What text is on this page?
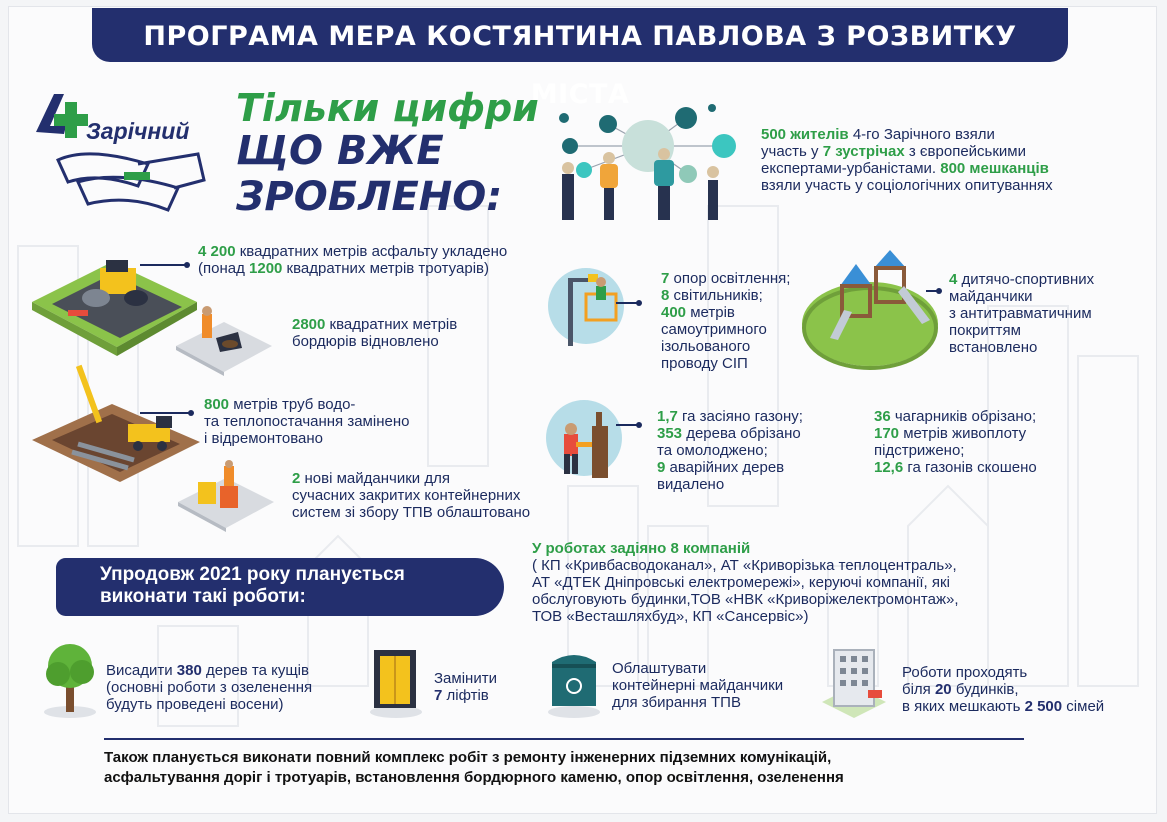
ПРОГРАМА МЕРА КОСТЯНТИНА ПАВЛОВА З РОЗВИТКУ МІСТА
Зарічний
Тільки цифри
ЩО ВЖЕ
ЗРОБЛЕНО:
500 жителів 4-го Зарічного взяли
участь у 7 зустрічах з європейськими
експертами-урбаністами. 800 мешканців
взяли участь у соціологічних опитуваннях
4 200 квадратних метрів асфальту укладено
(понад 1200 квадратних метрів тротуарів)
2800 квадратних метрів
бордюрів відновлено
800 метрів труб водо-
та теплопостачання замінено
і відремонтовано
2 нові майданчики для
сучасних закритих контейнерних
систем зі збору ТПВ облаштовано
7 опор освітлення;
8 світильників;
400 метрів
самоутримного
ізольованого
проводу СІП
4 дитячо-спортивних
майданчики
з антитравматичним
покриттям
встановлено
1,7 га засіяно газону;
353 дерева обрізано
та омолоджено;
9 аварійних дерев
видалено
36 чагарників обрізано;
170 метрів живоплоту
підстрижено;
12,6 га газонів скошено
У роботах задіяно 8 компаній
( КП «Кривбасводоканал», АТ «Криворізька теплоцентраль»,
АТ «ДТЕК Дніпровські електромережі», керуючі компанії, які
обслуговують будинки,ТОВ «НВК «Криворіжелектромонтаж»,
ТОВ «Весташляхбуд», КП «Сансервіс»)
Упродовж 2021 року планується
виконати такі роботи:
Висадити 380 дерев та кущів
(основні роботи з озеленення
будуть проведені восени)
Замінити
7 ліфтів
Облаштувати
контейнерні майданчики
для збирання ТПВ
Роботи проходять
біля 20 будинків,
в яких мешкають 2 500 сімей
Також планується виконати повний комплекс робіт з ремонту інженерних підземних комунікацій,
асфальтування доріг і тротуарів, встановлення бордюрного каменю, опор освітлення, озеленення
